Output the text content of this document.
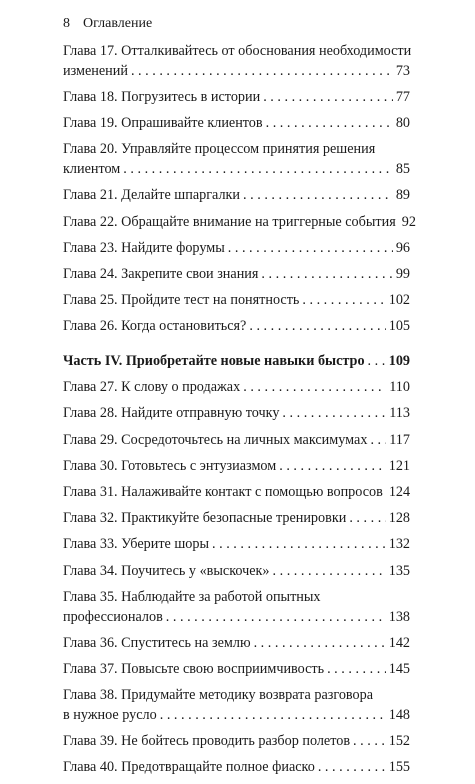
8 Оглавление
Глава 17. Отталкивайтесь от обоснования необходимости
изменений . . .	73
Глава 18. Погрузитесь в истории . . .	77
Глава 19. Опрашивайте клиентов . . .	80
Глава 20. Управляйте процессом принятия решения
клиентом . . .	85
Глава 21. Делайте шпаргалки . . .	89
Глава 22. Обращайте внимание на триггерные события 92
Глава 23. Найдите форумы . . .	96
Глава 24. Закрепите свои знания . . .	99
Глава 25. Пройдите тест на понятность . . .	102
Глава 26. Когда остановиться? . . .	105
Часть IV. Приобретайте новые навыки быстро . . . 109
Глава 27. К слову о продажах . . .	110
Глава 28. Найдите отправную точку . . .	113
Глава 29. Сосредоточьтесь на личных максимумах . . . 117
Глава 30. Готовьтесь с энтузиазмом . . .	121
Глава 31. Налаживайте контакт с помощью вопросов 124
Глава 32. Практикуйте безопасные тренировки . . .	128
Глава 33. Уберите шоры . . .	132
Глава 34. Поучитесь у «выскочек» . . .	135
Глава 35. Наблюдайте за работой опытных
профессионалов . . .	138
Глава 36. Спуститесь на землю . . .	142
Глава 37. Повысьте свою восприимчивость . . .	145
Глава 38. Придумайте методику возврата разговора
в нужное русло . . .	148
Глава 39. Не бойтесь проводить разбор полетов . . .	152
Глава 40. Предотвращайте полное фиаско . . .	155
